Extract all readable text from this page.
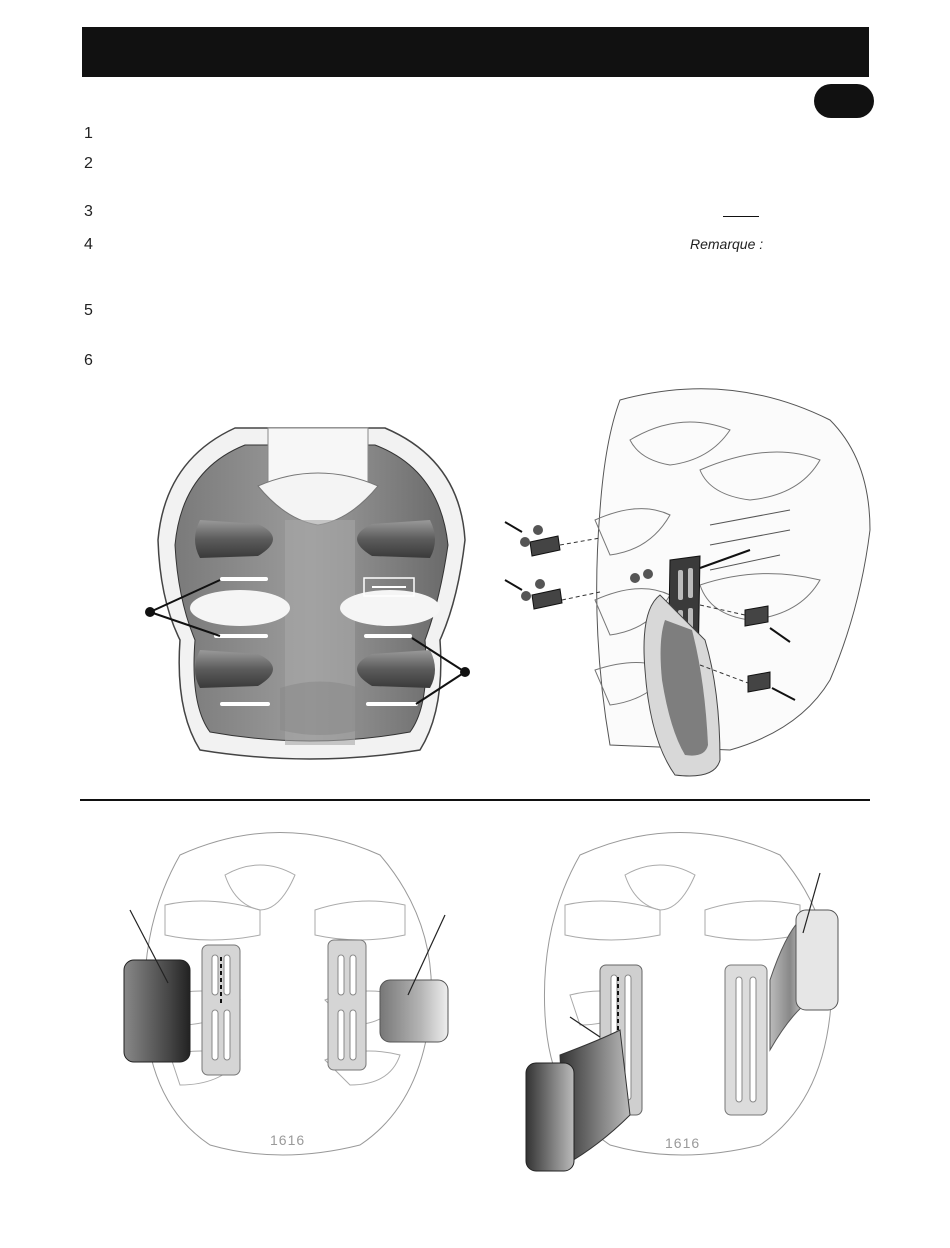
1
2
3
4
5
6
Remarque :
1616	1616
